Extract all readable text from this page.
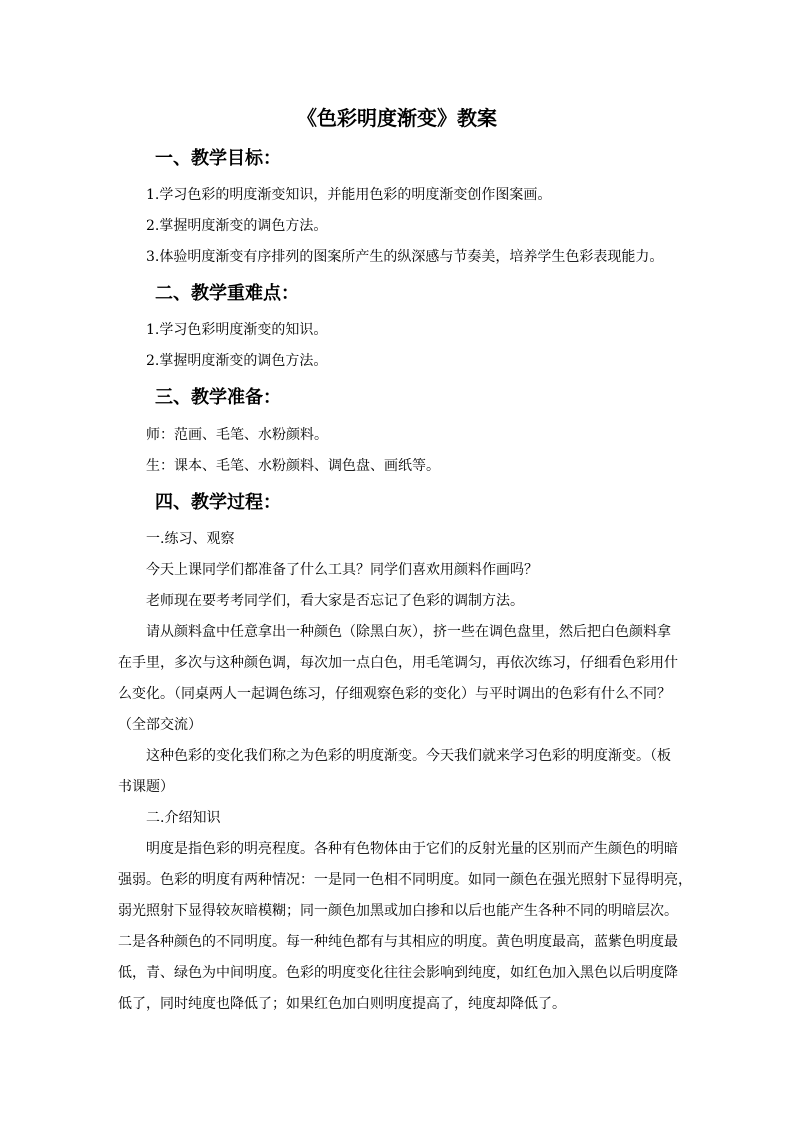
《色彩明度渐变》教案
一、教学目标：
1.学习色彩的明度渐变知识，并能用色彩的明度渐变创作图案画。
2.掌握明度渐变的调色方法。
3.体验明度渐变有序排列的图案所产生的纵深感与节奏美，培养学生色彩表现能力。
二、教学重难点：
1.学习色彩明度渐变的知识。
2.掌握明度渐变的调色方法。
三、教学准备：
师：范画、毛笔、水粉颜料。
生：课本、毛笔、水粉颜料、调色盘、画纸等。
四、教学过程：
一.练习、观察
今天上课同学们都准备了什么工具？同学们喜欢用颜料作画吗？
老师现在要考考同学们，看大家是否忘记了色彩的调制方法。
请从颜料盒中任意拿出一种颜色（除黑白灰），挤一些在调色盘里，然后把白色颜料拿
在手里，多次与这种颜色调，每次加一点白色，用毛笔调匀，再依次练习，仔细看色彩用什
么变化。（同桌两人一起调色练习，仔细观察色彩的变化）与平时调出的色彩有什么不同？
（全部交流）
这种色彩的变化我们称之为色彩的明度渐变。今天我们就来学习色彩的明度渐变。（板
书课题）
二.介绍知识
明度是指色彩的明亮程度。各种有色物体由于它们的反射光量的区别而产生颜色的明暗
强弱。色彩的明度有两种情况：一是同一色相不同明度。如同一颜色在强光照射下显得明亮，
弱光照射下显得较灰暗模糊；同一颜色加黑或加白掺和以后也能产生各种不同的明暗层次。
二是各种颜色的不同明度。每一种纯色都有与其相应的明度。黄色明度最高，蓝紫色明度最
低，青、绿色为中间明度。色彩的明度变化往往会影响到纯度，如红色加入黑色以后明度降
低了，同时纯度也降低了；如果红色加白则明度提高了，纯度却降低了。
